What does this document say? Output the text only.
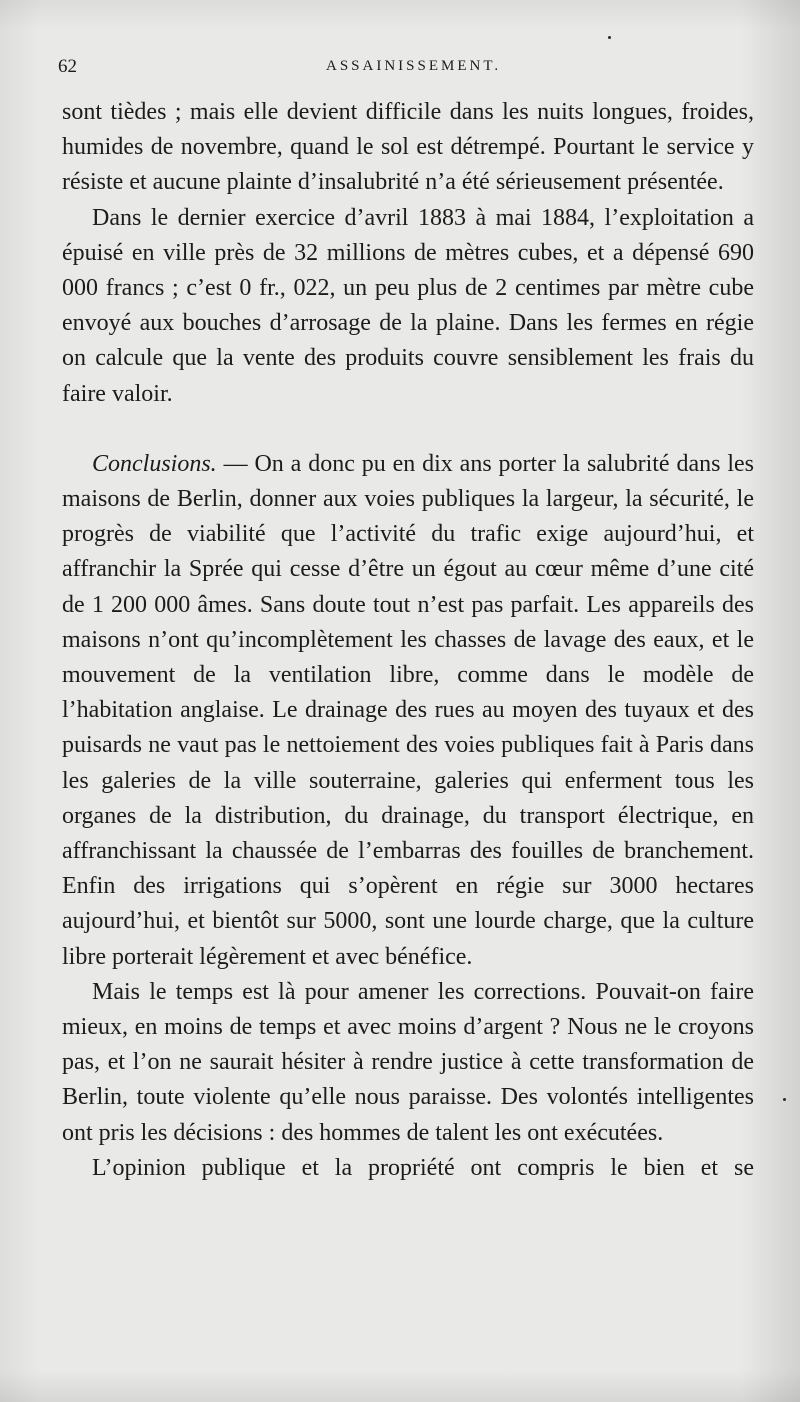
62	ASSAINISSEMENT.

sont tièdes ; mais elle devient difficile dans les nuits longues, froides, humides de novembre, quand le sol est détrempé. Pourtant le service y résiste et aucune plainte d’insalubrité n’a été sérieusement présentée.

Dans le dernier exercice d’avril 1883 à mai 1884, l’exploitation a épuisé en ville près de 32 millions de mètres cubes, et a dépensé 690 000 francs ; c’est 0 fr., 022, un peu plus de 2 centimes par mètre cube envoyé aux bouches d’arrosage de la plaine. Dans les fermes en régie on calcule que la vente des produits couvre sensiblement les frais du faire valoir.

Conclusions. — On a donc pu en dix ans porter la salubrité dans les maisons de Berlin, donner aux voies publiques la largeur, la sécurité, le progrès de viabilité que l’activité du trafic exige aujourd’hui, et affranchir la Sprée qui cesse d’être un égout au cœur même d’une cité de 1 200 000 âmes. Sans doute tout n’est pas parfait. Les appareils des maisons n’ont qu’incomplètement les chasses de lavage des eaux, et le mouvement de la ventilation libre, comme dans le modèle de l’habitation anglaise. Le drainage des rues au moyen des tuyaux et des puisards ne vaut pas le nettoiement des voies publiques fait à Paris dans les galeries de la ville souterraine, galeries qui enferment tous les organes de la distribution, du drainage, du transport électrique, en affranchissant la chaussée de l’embarras des fouilles de branchement. Enfin des irrigations qui s’opèrent en régie sur 3000 hectares aujourd’hui, et bientôt sur 5000, sont une lourde charge, que la culture libre porterait légèrement et avec bénéfice.

Mais le temps est là pour amener les corrections. Pouvait-on faire mieux, en moins de temps et avec moins d’argent ? Nous ne le croyons pas, et l’on ne saurait hésiter à rendre justice à cette transformation de Berlin, toute violente qu’elle nous paraisse. Des volontés intelligentes ont pris les décisions : des hommes de talent les ont exécutées.

L’opinion publique et la propriété ont compris le bien et se
